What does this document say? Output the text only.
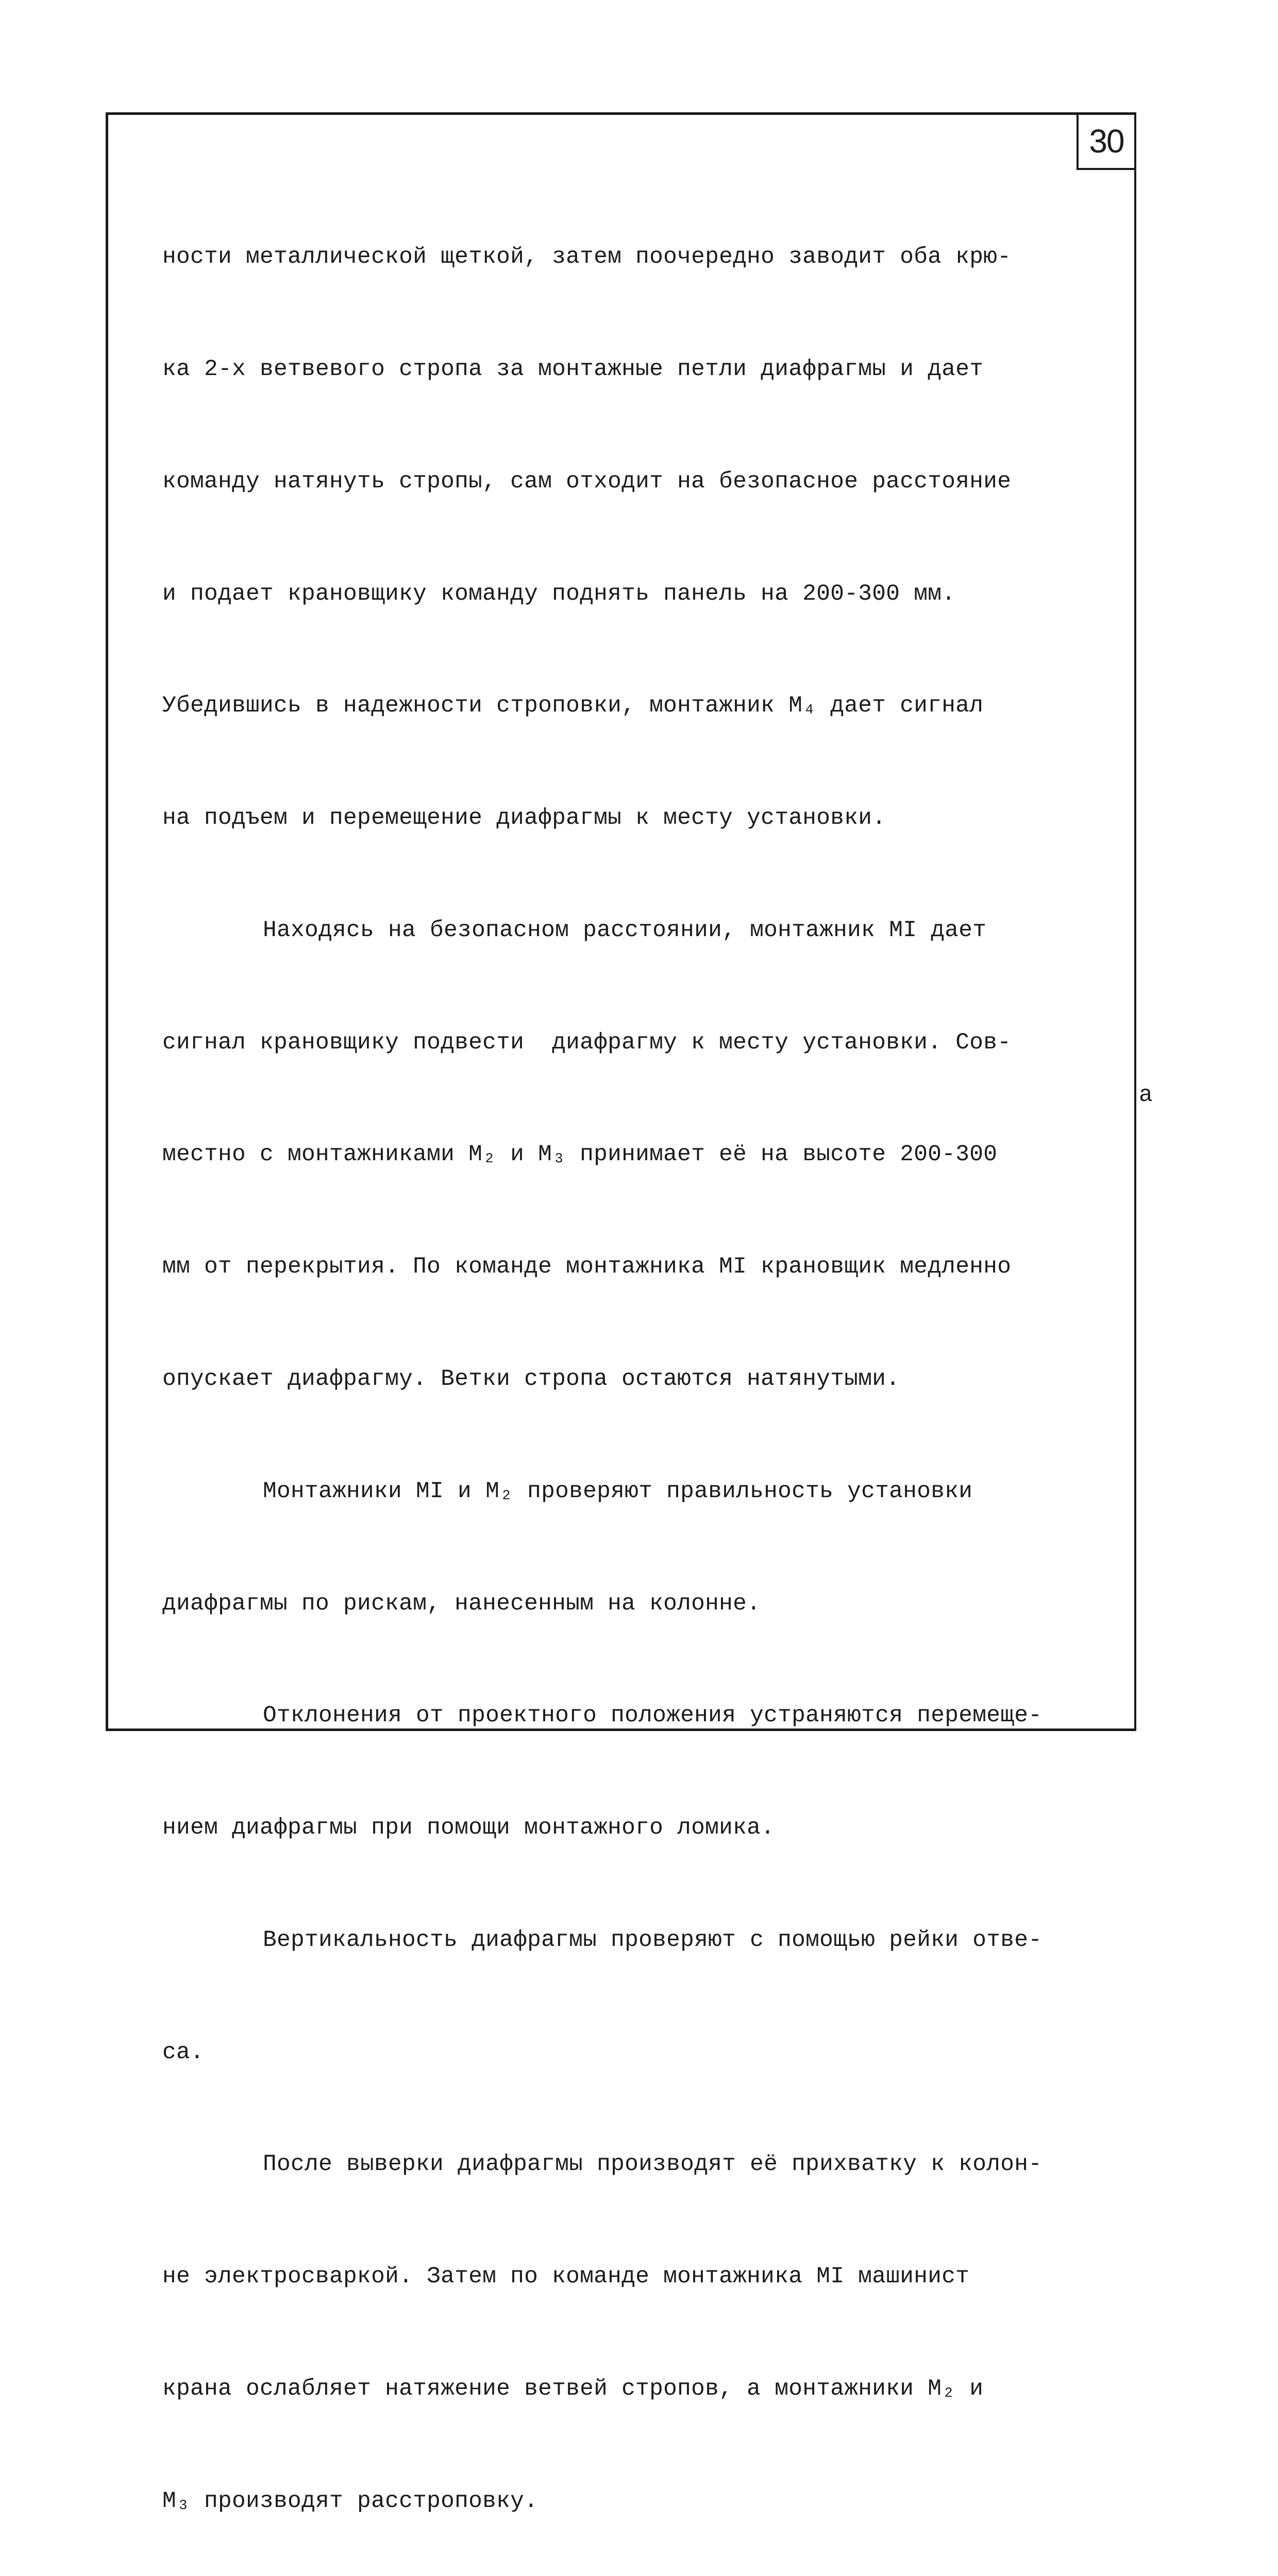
30

ности металлической щеткой, затем поочередно заводит оба крю-

ка 2-х ветвевого стропа за монтажные петли диафрагмы и дает

команду натянуть стропы, сам отходит на безопасное расстояние

и подает крановщику команду поднять панель на 200-300 мм.

Убедившись в надежности строповки, монтажник М₄ дает сигнал

на подъем и перемещение диафрагмы к месту установки.

Находясь на безопасном расстоянии, монтажник МI дает

сигнал крановщику подвести  диафрагму к месту установки. Сов-

местно с монтажниками М₂ и М₃ принимает её на высоте 200-300

мм от перекрытия. По команде монтажника МI крановщик медленно

опускает диафрагму. Ветки стропа остаются натянутыми.

Монтажники МI и М₂ проверяют правильность установки

диафрагмы по рискам, нанесенным на колонне.

Отклонения от проектного положения устраняются перемеще-

нием диафрагмы при помощи монтажного ломика.

Вертикальность диафрагмы проверяют с помощью рейки отве-

са.

После выверки диафрагмы производят её прихватку к колон-

не электросваркой. Затем по команде монтажника МI машинист

крана ослабляет натяжение ветвей стропов, а монтажники М₂ и

М₃ производят расстроповку.

а
